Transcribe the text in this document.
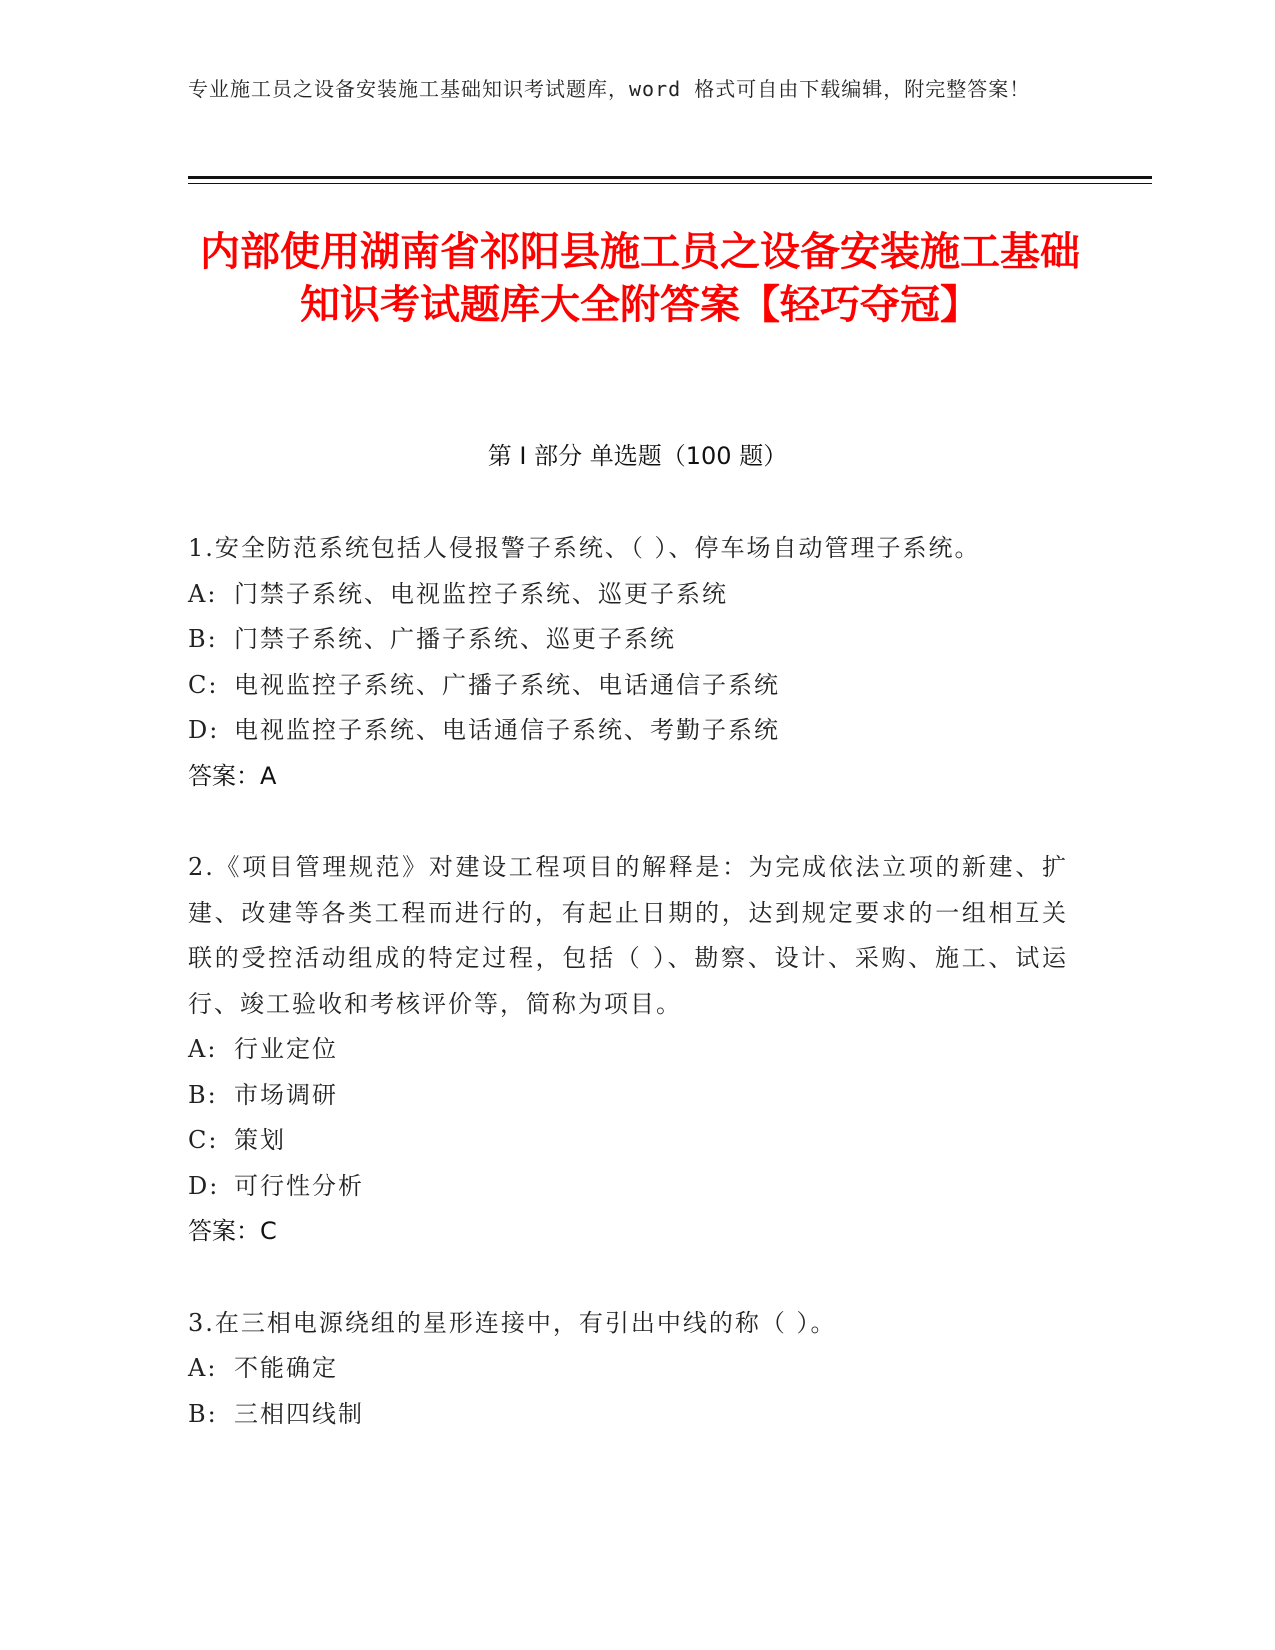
专业施工员之设备安装施工基础知识考试题库，word 格式可自由下载编辑，附完整答案！
内部使用湖南省祁阳县施工员之设备安装施工基础知识考试题库大全附答案【轻巧夺冠】
第 I 部分 单选题（100 题）

1.安全防范系统包括人侵报警子系统、（ ）、停车场自动管理子系统。

A: 门禁子系统、电视监控子系统、巡更子系统

B: 门禁子系统、广播子系统、巡更子系统

C: 电视监控子系统、广播子系统、电话通信子系统

D: 电视监控子系统、电话通信子系统、考勤子系统

答案：A

2.《项目管理规范》对建设工程项目的解释是：为完成依法立项的新建、扩建、改建等各类工程而进行的，有起止日期的，达到规定要求的一组相互关联的受控活动组成的特定过程，包括（ ）、勘察、设计、采购、施工、试运行、竣工验收和考核评价等，简称为项目。

A: 行业定位

B: 市场调研

C: 策划

D: 可行性分析

答案：C

3.在三相电源绕组的星形连接中，有引出中线的称（ ）。

A: 不能确定

B: 三相四线制
